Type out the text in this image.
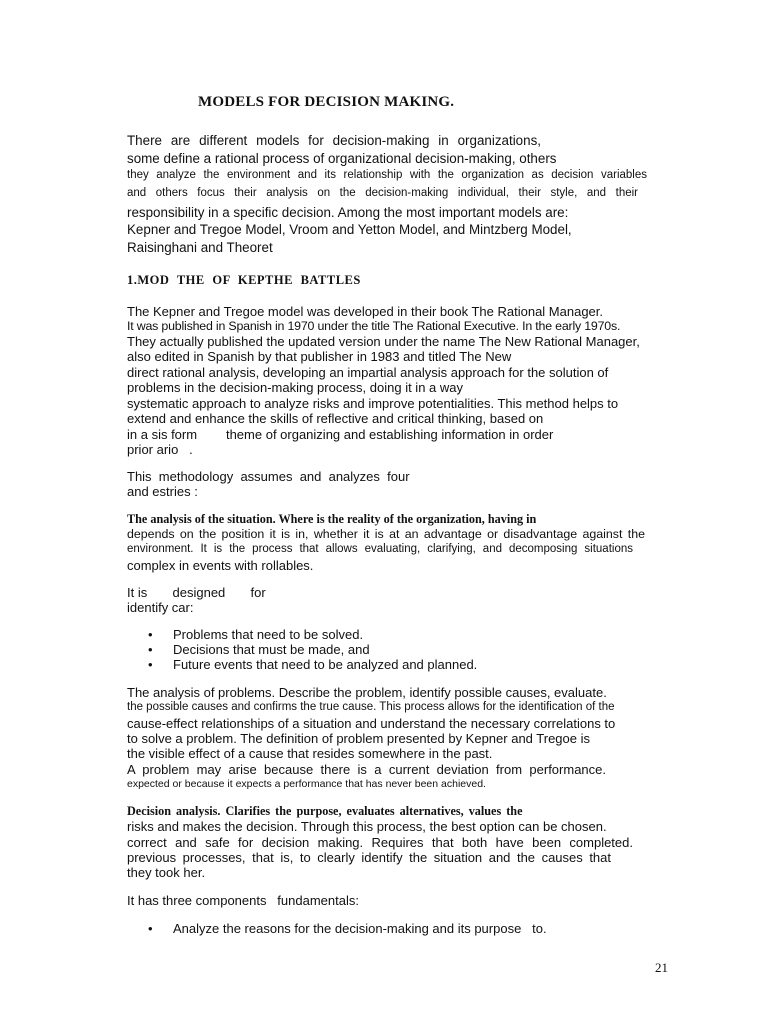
MODELS FOR DECISION MAKING.
There are different models for decision-making in organizations,
some define a rational process of organizational decision-making, others
they analyze the environment and its relationship with the organization as decision variables
and others focus their analysis on the decision-making individual, their style, and their
responsibility in a specific decision. Among the most important models are:
Kepner and Tregoe Model, Vroom and Yetton Model, and Mintzberg Model,
Raisinghani and Theoret
1.MOD THE OF KEPTHE BATTLES
The Kepner and Tregoe model was developed in their book The Rational Manager.
It was published in Spanish in 1970 under the title The Rational Executive. In the early 1970s.
They actually published the updated version under the name The New Rational Manager,
also edited in Spanish by that publisher in 1983 and titled The New
direct rational analysis, developing an impartial analysis approach for the solution of
problems in the decision-making process, doing it in a way
systematic approach to analyze risks and improve potentialities. This method helps to
extend and enhance the skills of reflective and critical thinking, based on
in a sis form        theme of organizing and establishing information in order
prior ario   .
This  methodology  assumes  and  analyzes  four
and estries :
The analysis of the situation. Where is the reality of the organization, having in
depends on the position it is in, whether it is at an advantage or disadvantage against the
environment. It is the process that allows evaluating, clarifying, and decomposing situations
complex in events with rollables.
It is       designed       for
identify car:
• Problems that need to be solved.
• Decisions that must be made, and
• Future events that need to be analyzed and planned.
The analysis of problems. Describe the problem, identify possible causes, evaluate.
the possible causes and confirms the true cause. This process allows for the identification of the
cause-effect relationships of a situation and understand the necessary correlations to
to solve a problem. The definition of problem presented by Kepner and Tregoe is
the visible effect of a cause that resides somewhere in the past.
A problem may arise because there is a current deviation from performance.
expected or because it expects a performance that has never been achieved.
Decision analysis. Clarifies the purpose, evaluates alternatives, values the
risks and makes the decision. Through this process, the best option can be chosen.
correct and safe for decision making. Requires that both have been completed.
previous processes, that is, to clearly identify the situation and the causes that
they took her.
It has three components   fundamentals:
• Analyze the reasons for the decision-making and its purpose   to.
21
